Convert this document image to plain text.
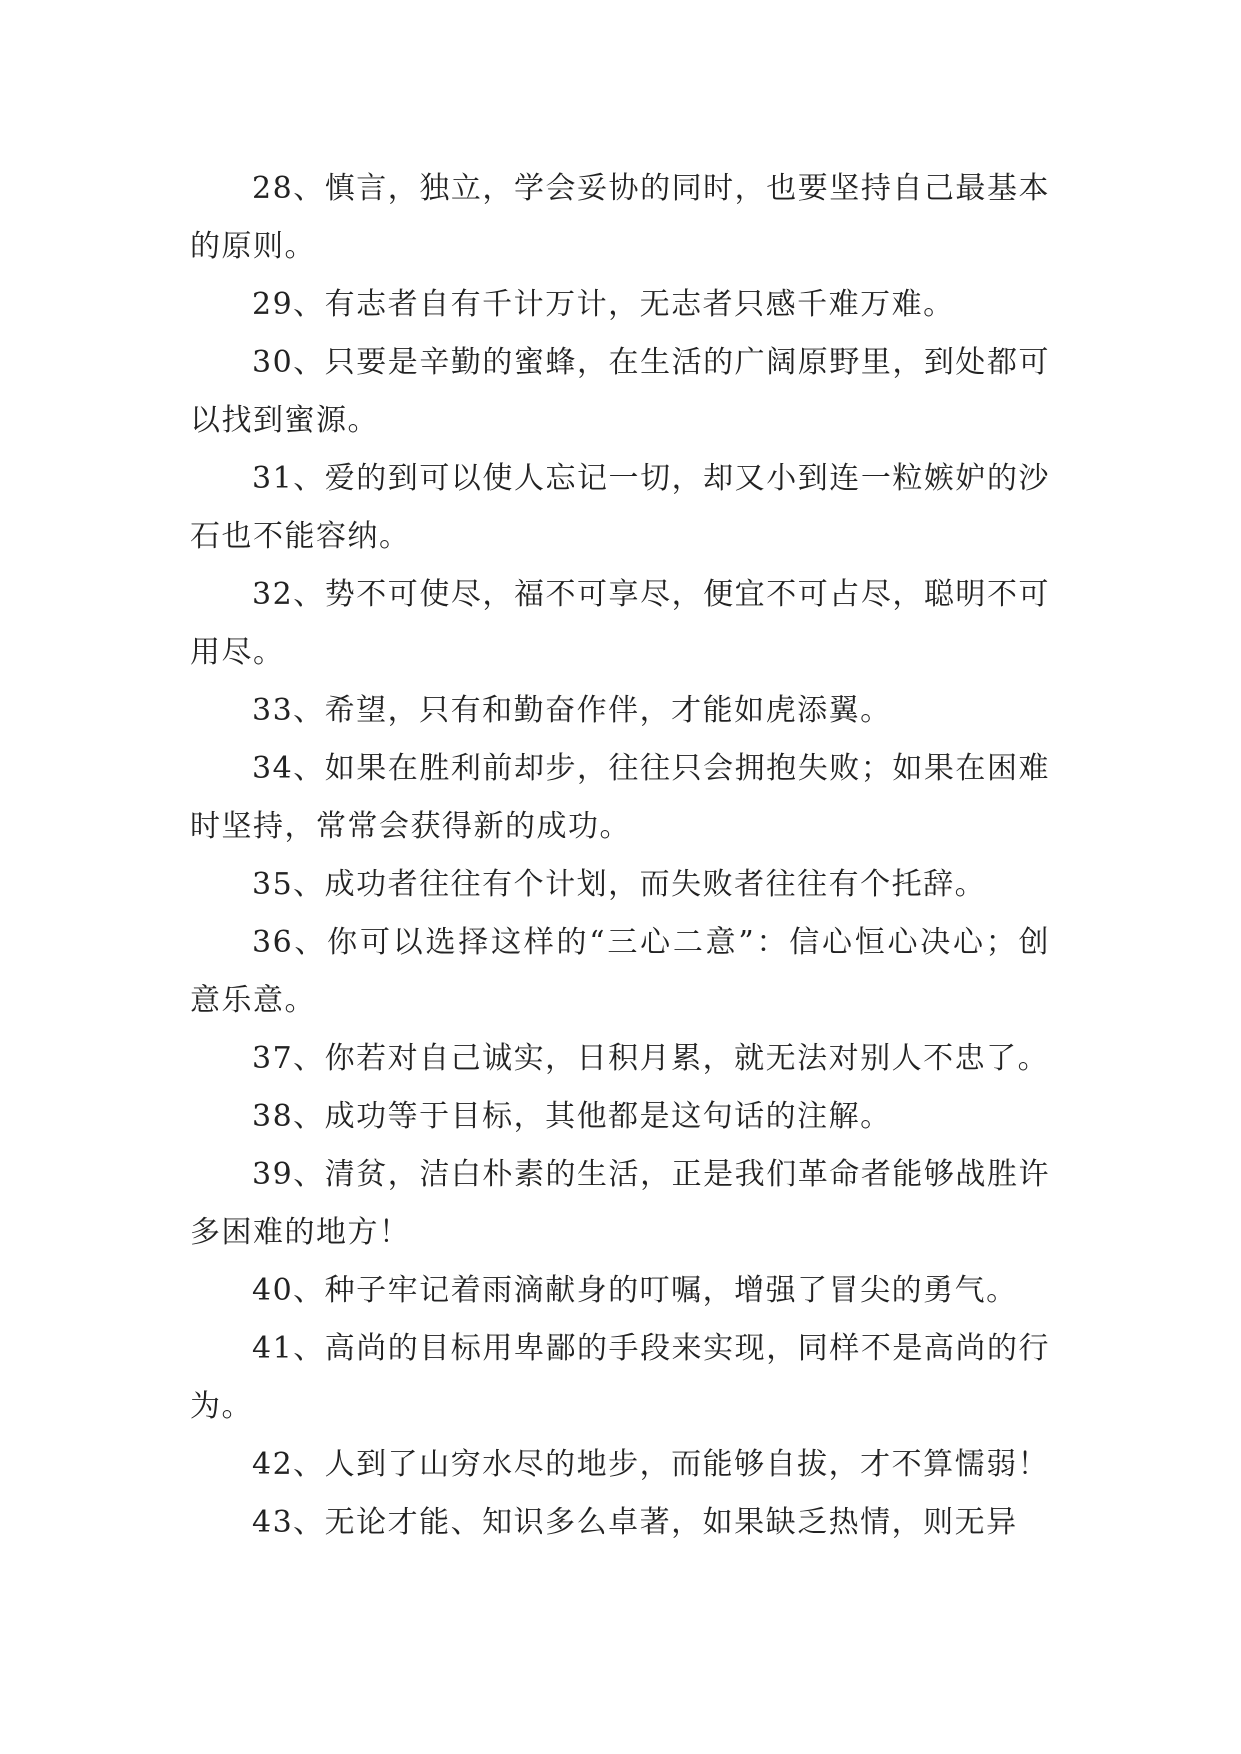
28、慎言，独立，学会妥协的同时，也要坚持自己最基本的原则。

29、有志者自有千计万计，无志者只感千难万难。

30、只要是辛勤的蜜蜂，在生活的广阔原野里，到处都可以找到蜜源。

31、爱的到可以使人忘记一切，却又小到连一粒嫉妒的沙石也不能容纳。

32、势不可使尽，福不可享尽，便宜不可占尽，聪明不可用尽。

33、希望，只有和勤奋作伴，才能如虎添翼。

34、如果在胜利前却步，往往只会拥抱失败；如果在困难时坚持，常常会获得新的成功。

35、成功者往往有个计划，而失败者往往有个托辞。

36、你可以选择这样的“三心二意”：信心恒心决心；创意乐意。

37、你若对自己诚实，日积月累，就无法对别人不忠了。

38、成功等于目标，其他都是这句话的注解。

39、清贫，洁白朴素的生活，正是我们革命者能够战胜许多困难的地方！

40、种子牢记着雨滴献身的叮嘱，增强了冒尖的勇气。

41、高尚的目标用卑鄙的手段来实现，同样不是高尚的行为。

42、人到了山穷水尽的地步，而能够自拔，才不算懦弱！

43、无论才能、知识多么卓著，如果缺乏热情，则无异
